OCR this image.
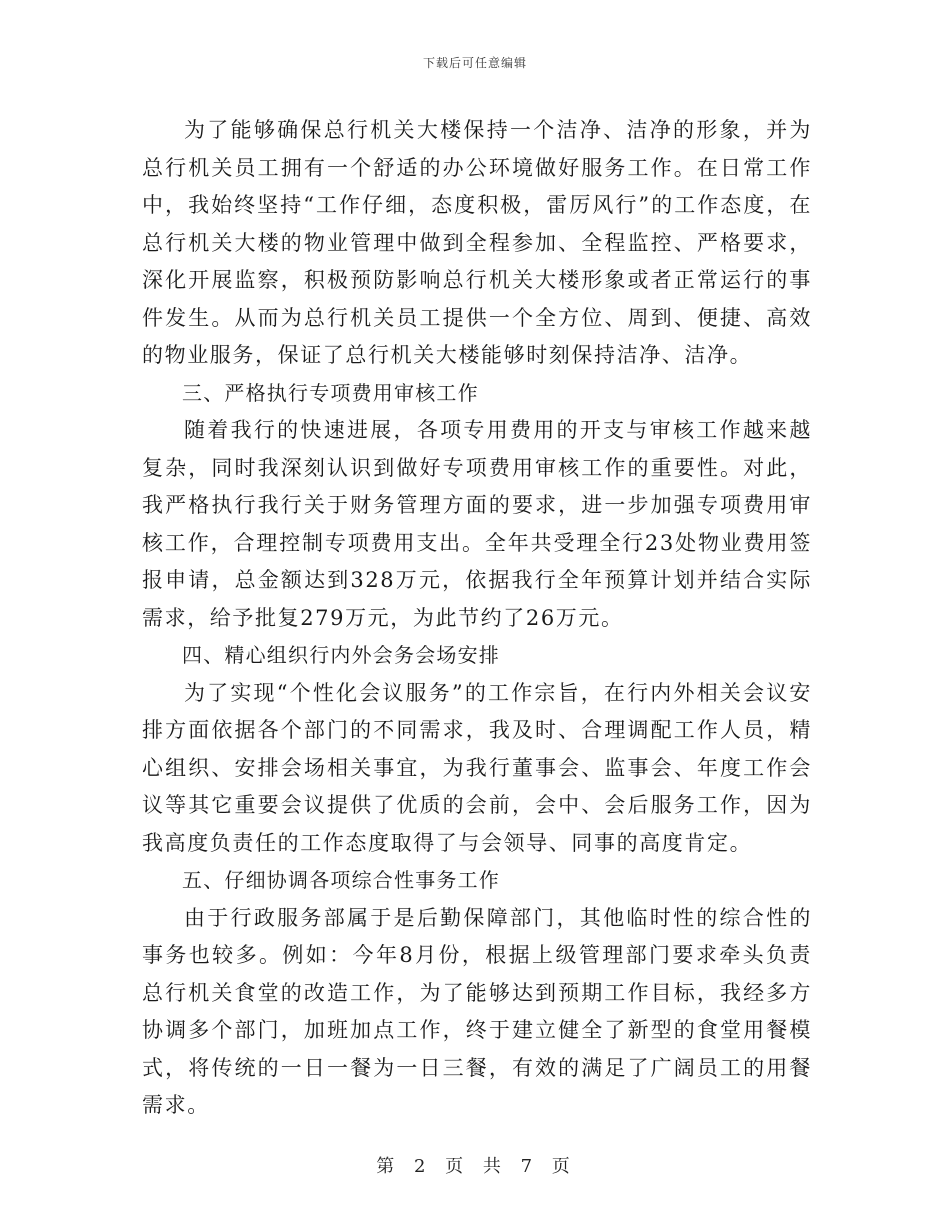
下载后可任意编辑

为了能够确保总行机关大楼保持一个洁净、洁净的形象，并为总行机关员工拥有一个舒适的办公环境做好服务工作。在日常工作中，我始终坚持“工作仔细，态度积极，雷厉风行”的工作态度，在总行机关大楼的物业管理中做到全程参加、全程监控、严格要求，深化开展监察，积极预防影响总行机关大楼形象或者正常运行的事件发生。从而为总行机关员工提供一个全方位、周到、便捷、高效的物业服务，保证了总行机关大楼能够时刻保持洁净、洁净。

三、严格执行专项费用审核工作

随着我行的快速进展，各项专用费用的开支与审核工作越来越复杂，同时我深刻认识到做好专项费用审核工作的重要性。对此，我严格执行我行关于财务管理方面的要求，进一步加强专项费用审核工作，合理控制专项费用支出。全年共受理全行23处物业费用签报申请，总金额达到328万元，依据我行全年预算计划并结合实际需求，给予批复279万元，为此节约了26万元。

四、精心组织行内外会务会场安排

为了实现“个性化会议服务”的工作宗旨，在行内外相关会议安排方面依据各个部门的不同需求，我及时、合理调配工作人员，精心组织、安排会场相关事宜，为我行董事会、监事会、年度工作会议等其它重要会议提供了优质的会前，会中、会后服务工作，因为我高度负责任的工作态度取得了与会领导、同事的高度肯定。

五、仔细协调各项综合性事务工作

由于行政服务部属于是后勤保障部门，其他临时性的综合性的事务也较多。例如：今年8月份，根据上级管理部门要求牵头负责总行机关食堂的改造工作，为了能够达到预期工作目标，我经多方协调多个部门，加班加点工作，终于建立健全了新型的食堂用餐模式，将传统的一日一餐为一日三餐，有效的满足了广阔员工的用餐需求。

第 2 页 共 7 页
